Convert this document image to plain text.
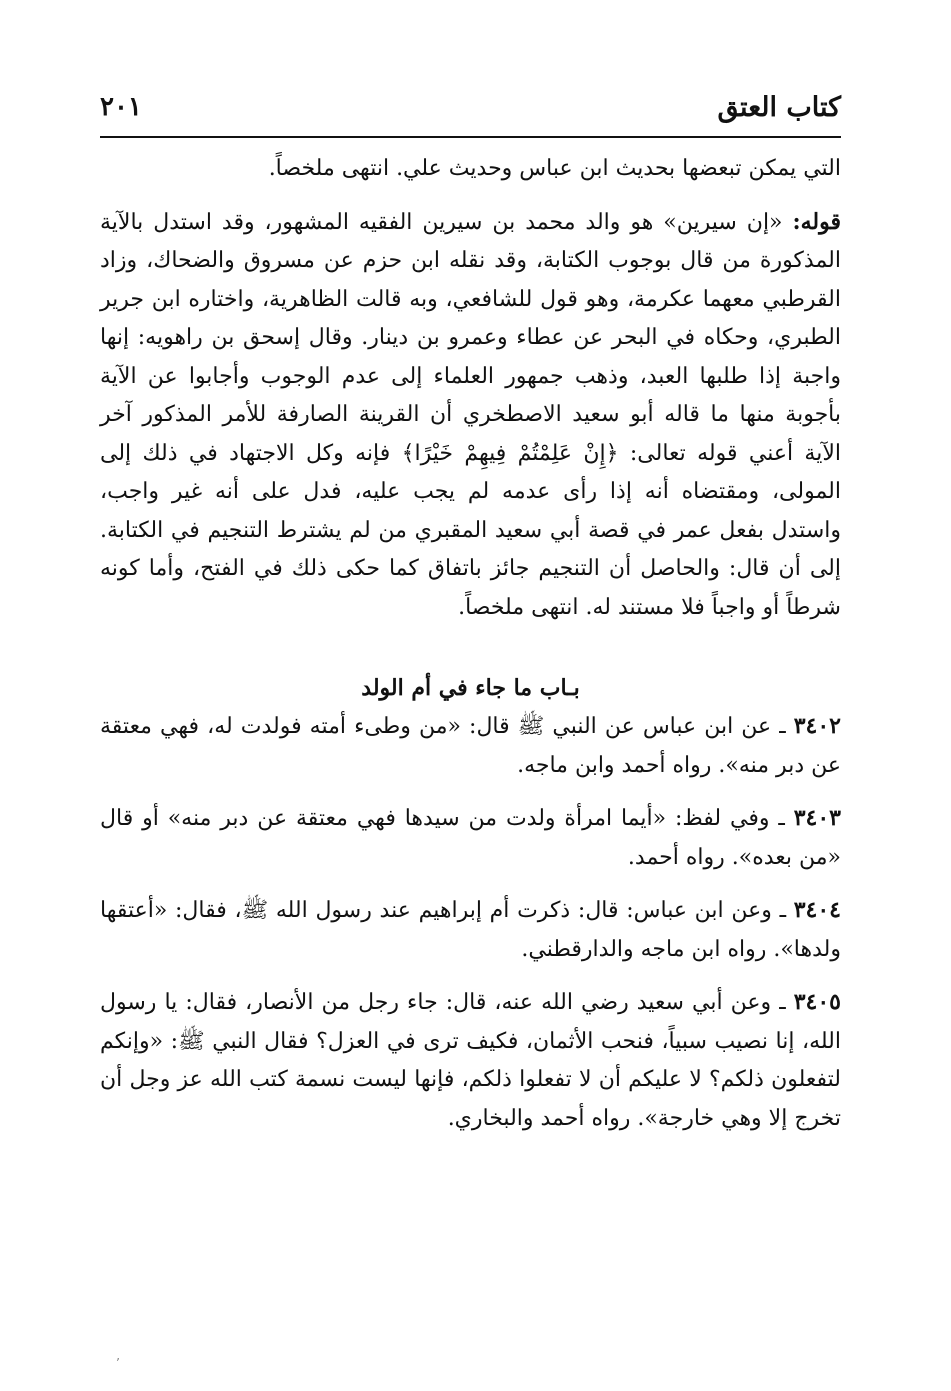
كتاب العتق
٢٠١

التي يمكن تبعضها بحديث ابن عباس وحديث علي. انتهى ملخصاً.

قوله: «إن سيرين» هو والد محمد بن سيرين الفقيه المشهور، وقد استدل بالآية المذكورة من قال بوجوب الكتابة، وقد نقله ابن حزم عن مسروق والضحاك، وزاد القرطبي معهما عكرمة، وهو قول للشافعي، وبه قالت الظاهرية، واختاره ابن جرير الطبري، وحكاه في البحر عن عطاء وعمرو بن دينار. وقال إسحق بن راهويه: إنها واجبة إذا طلبها العبد، وذهب جمهور العلماء إلى عدم الوجوب وأجابوا عن الآية بأجوبة منها ما قاله أبو سعيد الاصطخري أن القرينة الصارفة للأمر المذكور آخر الآية أعني قوله تعالى: ﴿إِنْ عَلِمْتُمْ فِيهِمْ خَيْرًا﴾ فإنه وكل الاجتهاد في ذلك إلى المولى، ومقتضاه أنه إذا رأى عدمه لم يجب عليه، فدل على أنه غير واجب، واستدل بفعل عمر في قصة أبي سعيد المقبري من لم يشترط التنجيم في الكتابة. إلى أن قال: والحاصل أن التنجيم جائز باتفاق كما حكى ذلك في الفتح، وأما كونه شرطاً أو واجباً فلا مستند له. انتهى ملخصاً.

بـاب ما جاء في أم الولد

٣٤٠٢ ـ عن ابن عباس عن النبي ﷺ قال: «من وطىء أمته فولدت له، فهي معتقة عن دبر منه». رواه أحمد وابن ماجه.

٣٤٠٣ ـ وفي لفظ: «أيما امرأة ولدت من سيدها فهي معتقة عن دبر منه» أو قال «من بعده». رواه أحمد.

٣٤٠٤ ـ وعن ابن عباس: قال: ذكرت أم إبراهيم عند رسول الله ﷺ، فقال: «أعتقها ولدها». رواه ابن ماجه والدارقطني.

٣٤٠٥ ـ وعن أبي سعيد رضي الله عنه، قال: جاء رجل من الأنصار، فقال: يا رسول الله، إنا نصيب سبياً، فنحب الأثمان، فكيف ترى في العزل؟ فقال النبي ﷺ: «وإنكم لتفعلون ذلكم؟ لا عليكم أن لا تفعلوا ذلكم، فإنها ليست نسمة كتب الله عز وجل أن تخرج إلا وهي خارجة». رواه أحمد والبخاري.

’
